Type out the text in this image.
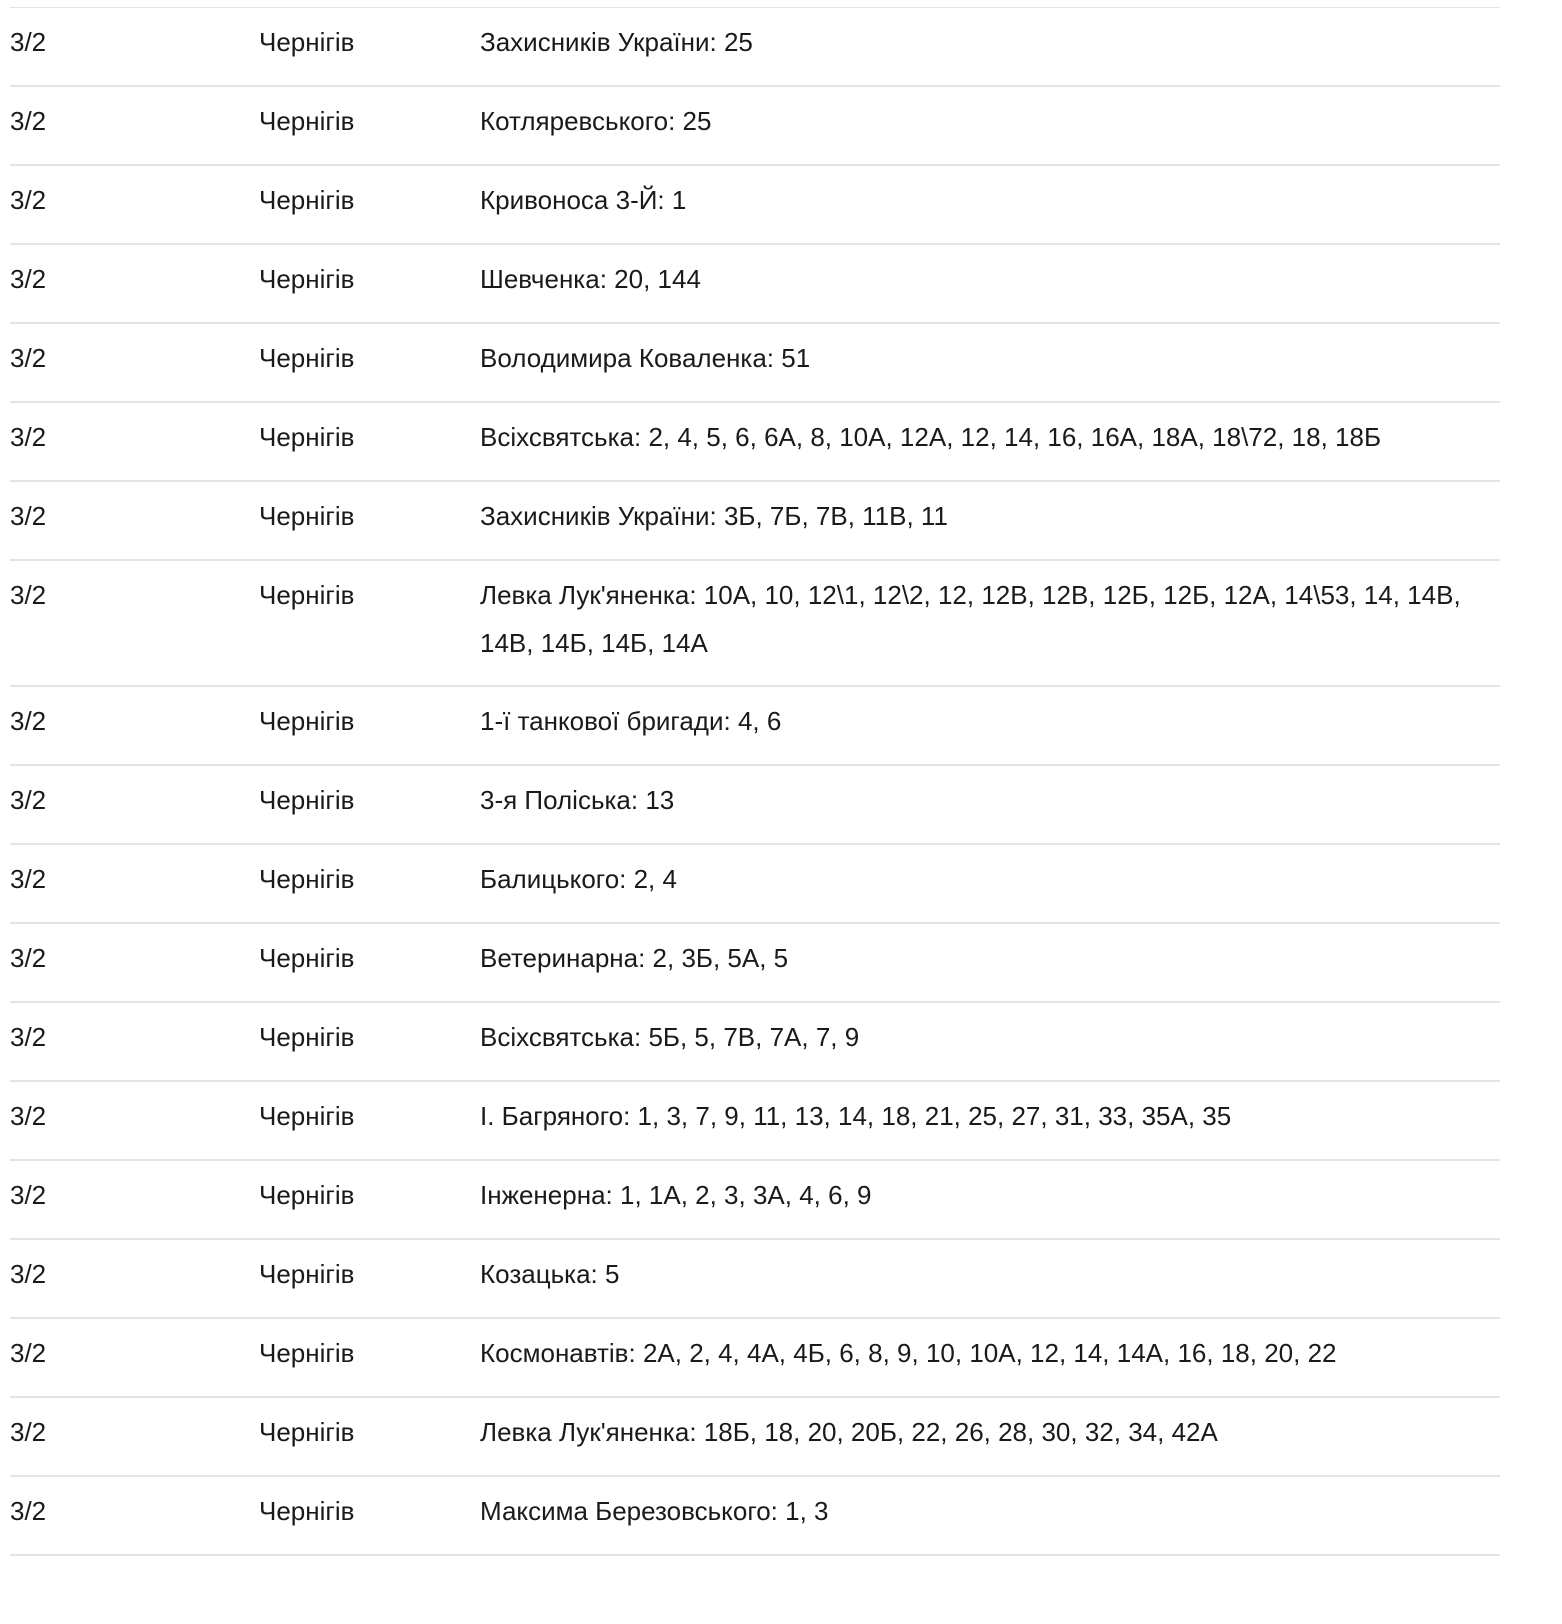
3/2	Чернігів	Захисників України: 25
3/2	Чернігів	Котляревського: 25
3/2	Чернігів	Кривоноса 3-Й: 1
3/2	Чернігів	Шевченка: 20, 144
3/2	Чернігів	Володимира Коваленка: 51
3/2	Чернігів	Всіхсвятська: 2, 4, 5, 6, 6А, 8, 10А, 12А, 12, 14, 16, 16А, 18А, 18\72, 18, 18Б
3/2	Чернігів	Захисників України: 3Б, 7Б, 7В, 11В, 11
3/2	Чернігів	Левка Лук'яненка: 10А, 10, 12\1, 12\2, 12, 12В, 12В, 12Б, 12Б, 12А, 14\53, 14, 14В, 14В, 14Б, 14Б, 14А
3/2	Чернігів	1-ї танкової бригади: 4, 6
3/2	Чернігів	3-я Поліська: 13
3/2	Чернігів	Балицького: 2, 4
3/2	Чернігів	Ветеринарна: 2, 3Б, 5А, 5
3/2	Чернігів	Всіхсвятська: 5Б, 5, 7В, 7А, 7, 9
3/2	Чернігів	І. Багряного: 1, 3, 7, 9, 11, 13, 14, 18, 21, 25, 27, 31, 33, 35А, 35
3/2	Чернігів	Інженерна: 1, 1А, 2, 3, 3А, 4, 6, 9
3/2	Чернігів	Козацька: 5
3/2	Чернігів	Космонавтів: 2А, 2, 4, 4А, 4Б, 6, 8, 9, 10, 10А, 12, 14, 14А, 16, 18, 20, 22
3/2	Чернігів	Левка Лук'яненка: 18Б, 18, 20, 20Б, 22, 26, 28, 30, 32, 34, 42А
3/2	Чернігів	Максима Березовського: 1, 3
